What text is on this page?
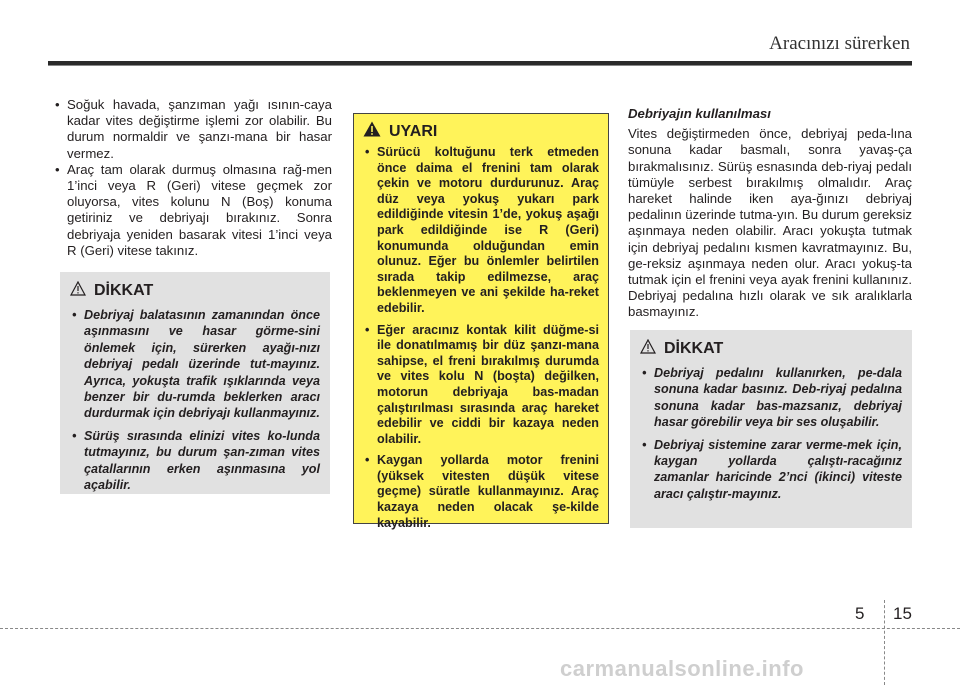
Aracınızı sürerken
• Soğuk havada, şanzıman yağı ısının-caya kadar vites değiştirme işlemi zor olabilir. Bu durum normaldir ve şanzı-mana bir hasar vermez.
• Araç tam olarak durmuş olmasına rağ-men 1’inci veya R (Geri) vitese geçmek zor oluyorsa, vites kolunu N (Boş) konuma getiriniz ve debriyajı bırakınız. Sonra debriyaja yeniden basarak vitesi 1’inci veya R (Geri) vitese takınız.
DİKKAT
• Debriyaj balatasının zamanından önce aşınmasını ve hasar görme-sini önlemek için, sürerken ayağı-nızı debriyaj pedalı üzerinde tut-mayınız. Ayrıca, yokuşta trafik ışıklarında veya benzer bir du-rumda beklerken aracı durdurmak için debriyajı kullanmayınız.
• Sürüş sırasında elinizi vites ko-lunda tutmayınız, bu durum şan-zıman vites çatallarının erken aşınmasına yol açabilir.
UYARI
• Sürücü koltuğunu terk etmeden önce daima el frenini tam olarak çekin ve motoru durdurunuz. Araç düz veya yokuş yukarı park edildiğinde vitesin 1’de, yokuş aşağı park edildiğinde ise R (Geri) konumunda olduğundan emin olunuz. Eğer bu önlemler belirtilen sırada takip edilmezse, araç beklenmeyen ve ani şekilde ha-reket edebilir.
• Eğer aracınız kontak kilit düğme-si ile donatılmamış bir düz şanzı-mana sahipse, el freni bırakılmış durumda ve vites kolu N (boşta) değilken, motorun debriyaja bas-madan çalıştırılması sırasında araç hareket edebilir ve ciddi bir kazaya neden olabilir.
• Kaygan yollarda motor frenini (yüksek vitesten düşük vitese geçme) süratle kullanmayınız. Araç kazaya neden olacak şe-kilde kayabilir.
Debriyajın kullanılması

Vites değiştirmeden önce, debriyaj peda-lına sonuna kadar basmalı, sonra yavaş-ça bırakmalısınız. Sürüş esnasında deb-riyaj pedalı tümüyle serbest bırakılmış olmalıdır. Araç hareket halinde iken aya-ğınızı debriyaj pedalinın üzerinde tutma-yın. Bu durum gereksiz aşınmaya neden olabilir. Aracı yokuşta tutmak için debriyaj pedalını kısmen kavratmayınız. Bu, ge-reksiz aşınmaya neden olur. Aracı yokuş-ta tutmak için el frenini veya ayak frenini kullanınız. Debriyaj pedalına hızlı olarak ve sık aralıklarla basmayınız.

DİKKAT
• Debriyaj pedalını kullanırken, pe-dala sonuna kadar basınız. Deb-riyaj pedalına sonuna kadar bas-mazsanız, debriyaj hasar görebilir veya bir ses oluşabilir.
• Debriyaj sistemine zarar verme-mek için, kaygan yollarda çalıştı-racağınız zamanlar haricinde 2’nci (ikinci) viteste aracı çalıştır-mayınız.
5 15
carmanualsonline.info
